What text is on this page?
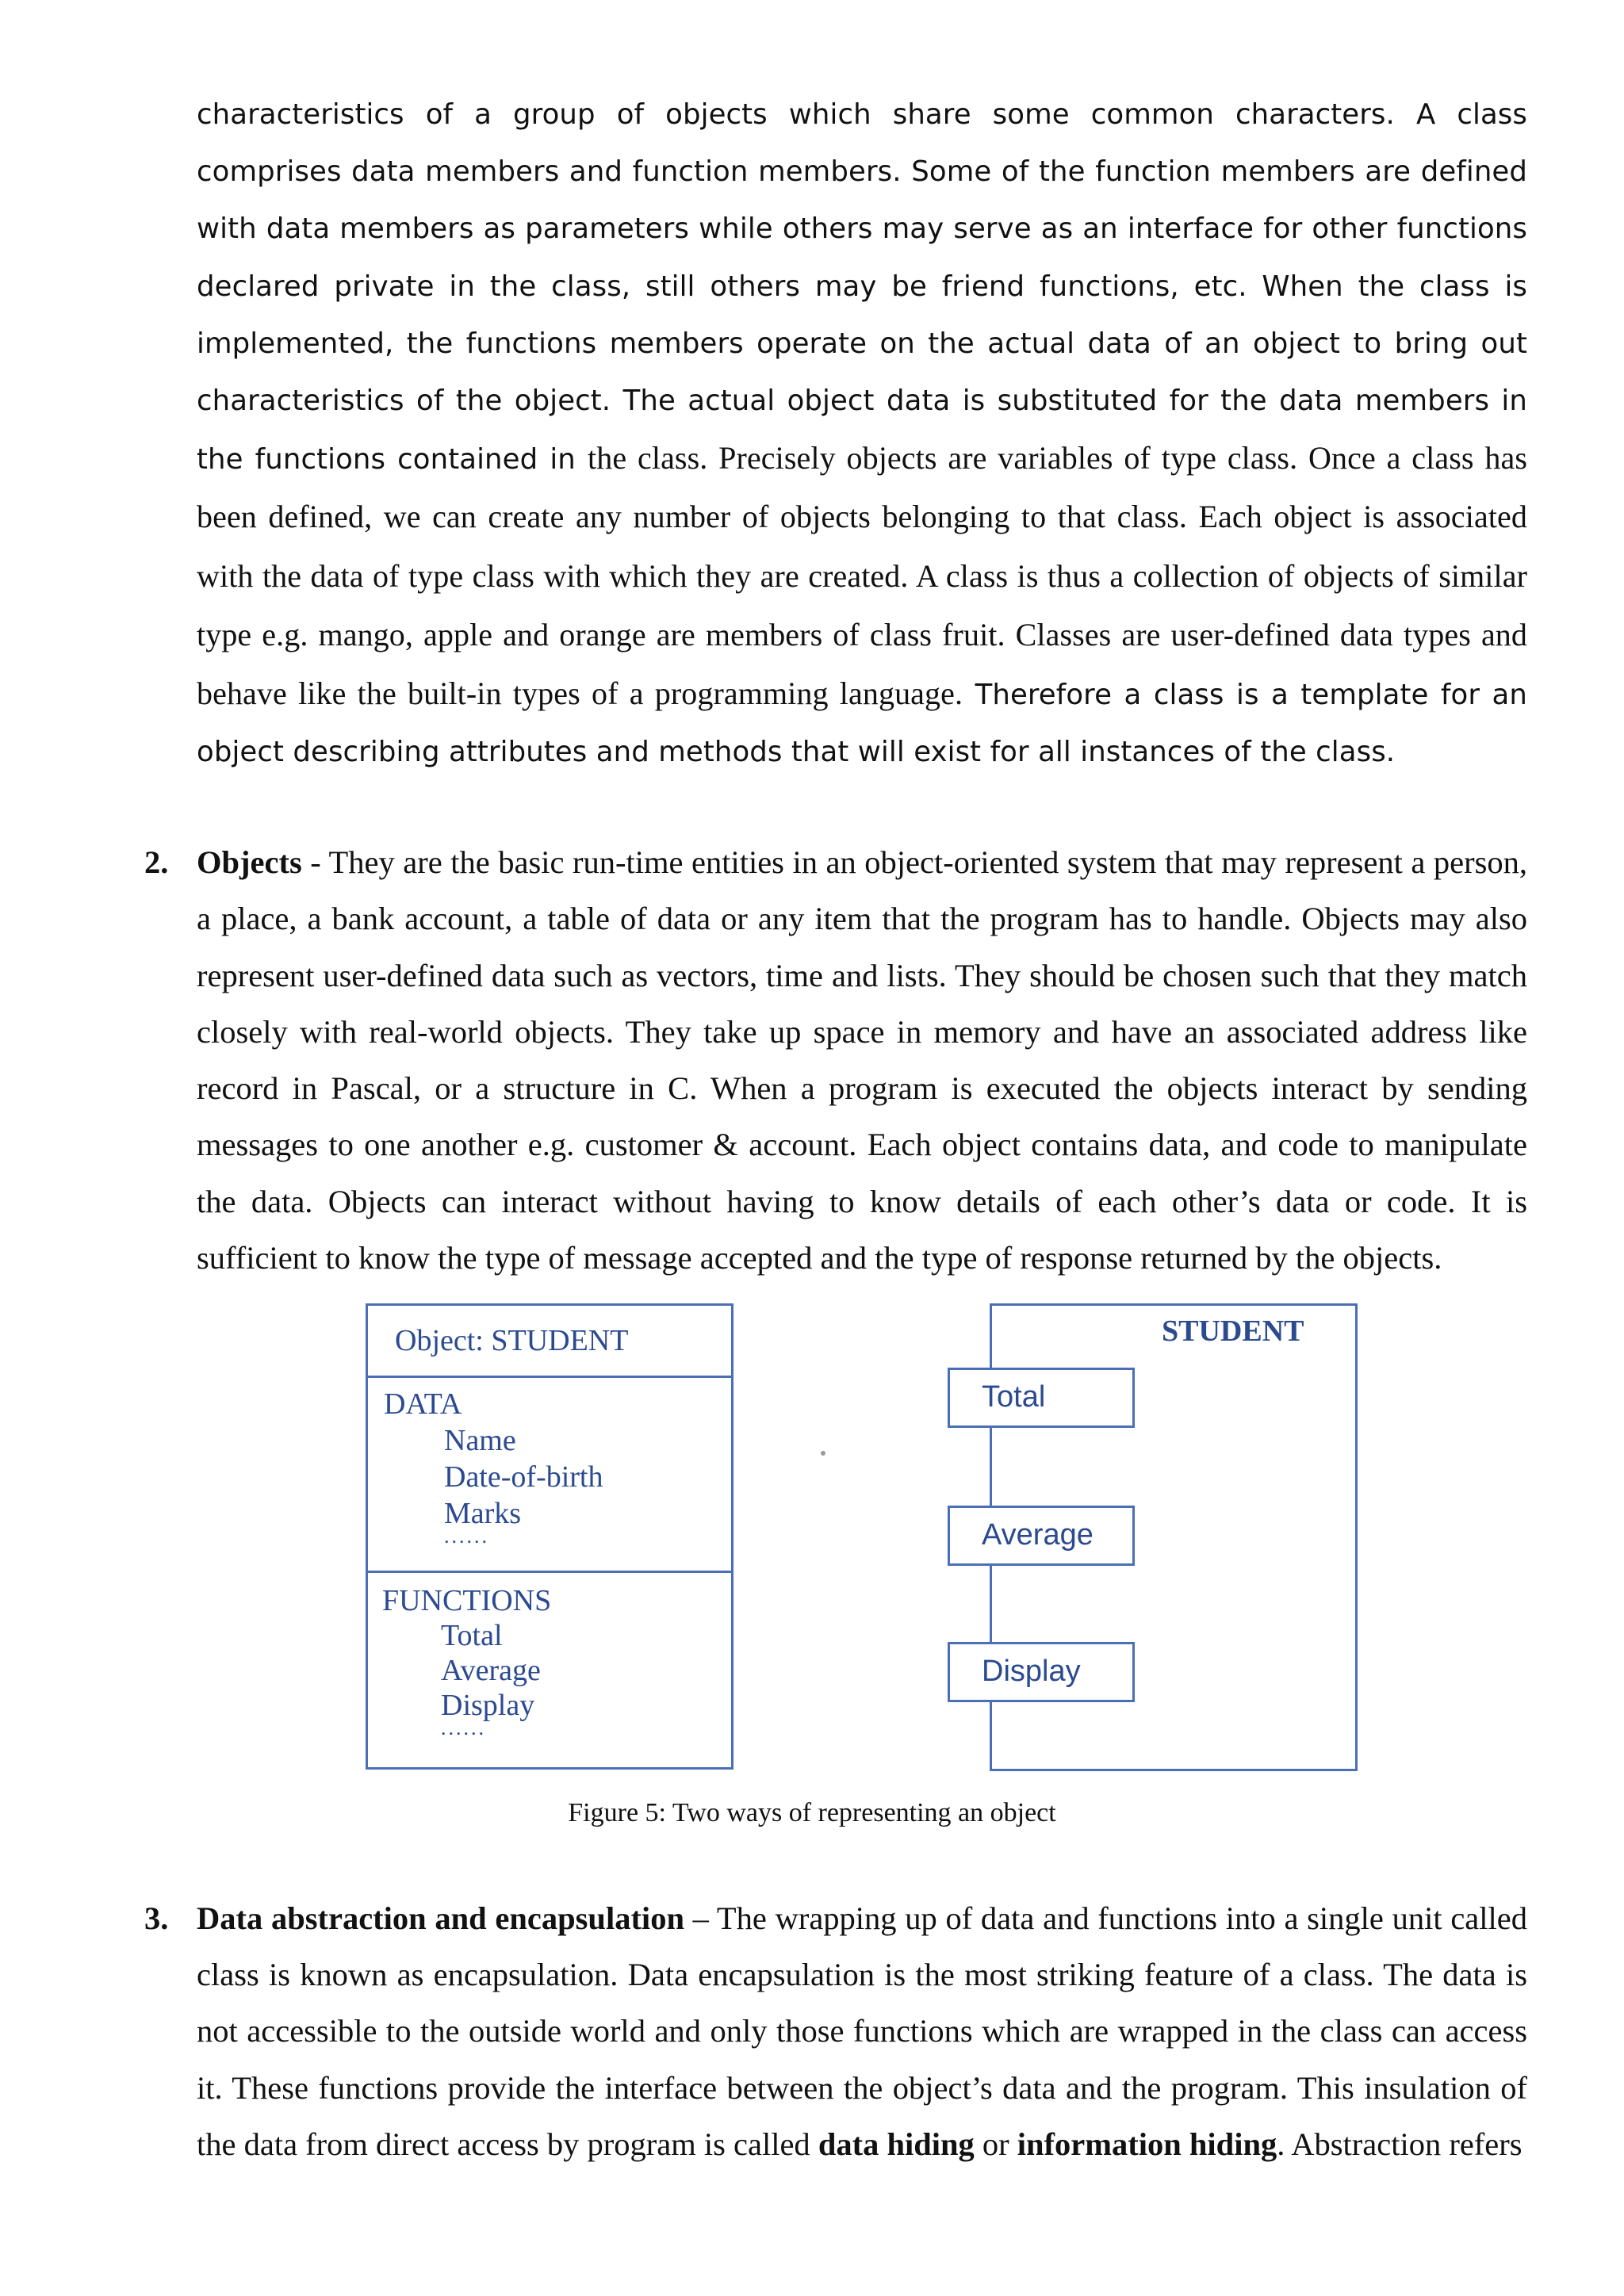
characteristics of a group of objects which share some common characters. A class comprises data members and function members. Some of the function members are defined with data members as parameters while others may serve as an interface for other functions declared private in the class, still others may be friend functions, etc. When the class is implemented, the functions members operate on the actual data of an object to bring out characteristics of the object. The actual object data is substituted for the data members in the functions contained in the class. Precisely objects are variables of type class. Once a class has been defined, we can create any number of objects belonging to that class. Each object is associated with the data of type class with which they are created. A class is thus a collection of objects of similar type e.g. mango, apple and orange are members of class fruit. Classes are user-defined data types and behave like the built-in types of a programming language. Therefore a class is a template for an object describing attributes and methods that will exist for all instances of the class.

2. Objects - They are the basic run-time entities in an object-oriented system that may represent a person, a place, a bank account, a table of data or any item that the program has to handle. Objects may also represent user-defined data such as vectors, time and lists. They should be chosen such that they match closely with real-world objects. They take up space in memory and have an associated address like record in Pascal, or a structure in C. When a program is executed the objects interact by sending messages to one another e.g. customer & account. Each object contains data, and code to manipulate the data. Objects can interact without having to know details of each other’s data or code. It is sufficient to know the type of message accepted and the type of response returned by the objects.

Object: STUDENT
DATA
Name
Date-of-birth
Marks
......
FUNCTIONS
Total
Average
Display
......
STUDENT
Total
Average
Display
Figure 5: Two ways of representing an object
3. Data abstraction and encapsulation – The wrapping up of data and functions into a single unit called class is known as encapsulation. Data encapsulation is the most striking feature of a class. The data is not accessible to the outside world and only those functions which are wrapped in the class can access it. These functions provide the interface between the object’s data and the program. This insulation of the data from direct access by program is called data hiding or information hiding. Abstraction refers
